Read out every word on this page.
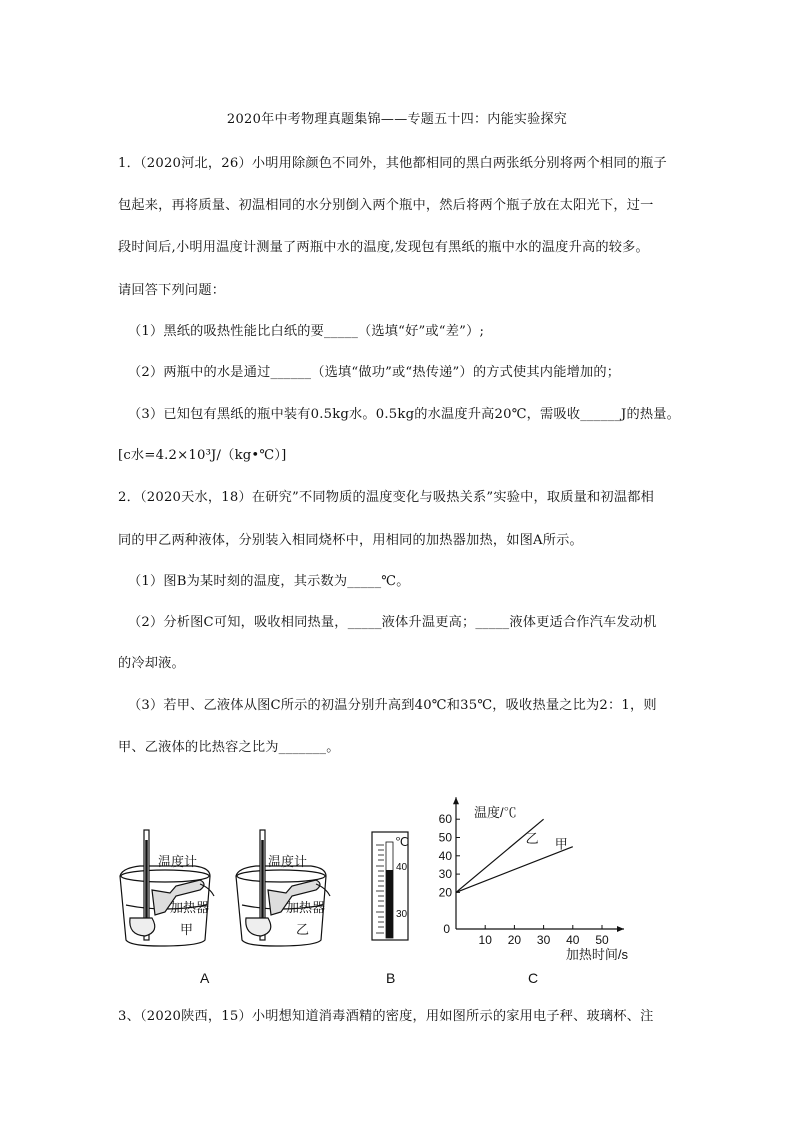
2020年中考物理真题集锦——专题五十四：内能实验探究
1．（2020河北，26）小明用除颜色不同外，其他都相同的黑白两张纸分别将两个相同的瓶子
包起来，再将质量、初温相同的水分别倒入两个瓶中，然后将两个瓶子放在太阳光下，过一
段时间后,小明用温度计测量了两瓶中水的温度,发现包有黑纸的瓶中水的温度升高的较多。
请回答下列问题：
（1）黑纸的吸热性能比白纸的要_____（选填“好”或“差”）;
（2）两瓶中的水是通过______（选填“做功”或“热传递”）的方式使其内能增加的；
（3）已知包有黑纸的瓶中装有0.5kg水。0.5kg的水温度升高20℃，需吸收______J的热量。
[c水=4.2×10³J/（kg•℃）]
2．（2020天水，18）在研究”不同物质的温度变化与吸热关系”实验中，取质量和初温都相
同的甲乙两种液体，分别装入相同烧杯中，用相同的加热器加热，如图A所示。
（1）图B为某时刻的温度，其示数为_____℃。
（2）分析图C可知，吸收相同热量，_____液体升温更高；_____液体更适合作汽车发动机
的冷却液。
（3）若甲、乙液体从图C所示的初温分别升高到40℃和35℃，吸收热量之比为2：1，则
甲、乙液体的比热容之比为_______。
温度计
加热器
甲
温度计
加热器
乙
℃
40
30
10 20 30 40 50
20
30
40
50
60
0
温度/℃
加热时间/s
乙 甲
A	B	C
3、（2020陕西，15）小明想知道消毒酒精的密度，用如图所示的家用电子秤、玻璃杯、注
